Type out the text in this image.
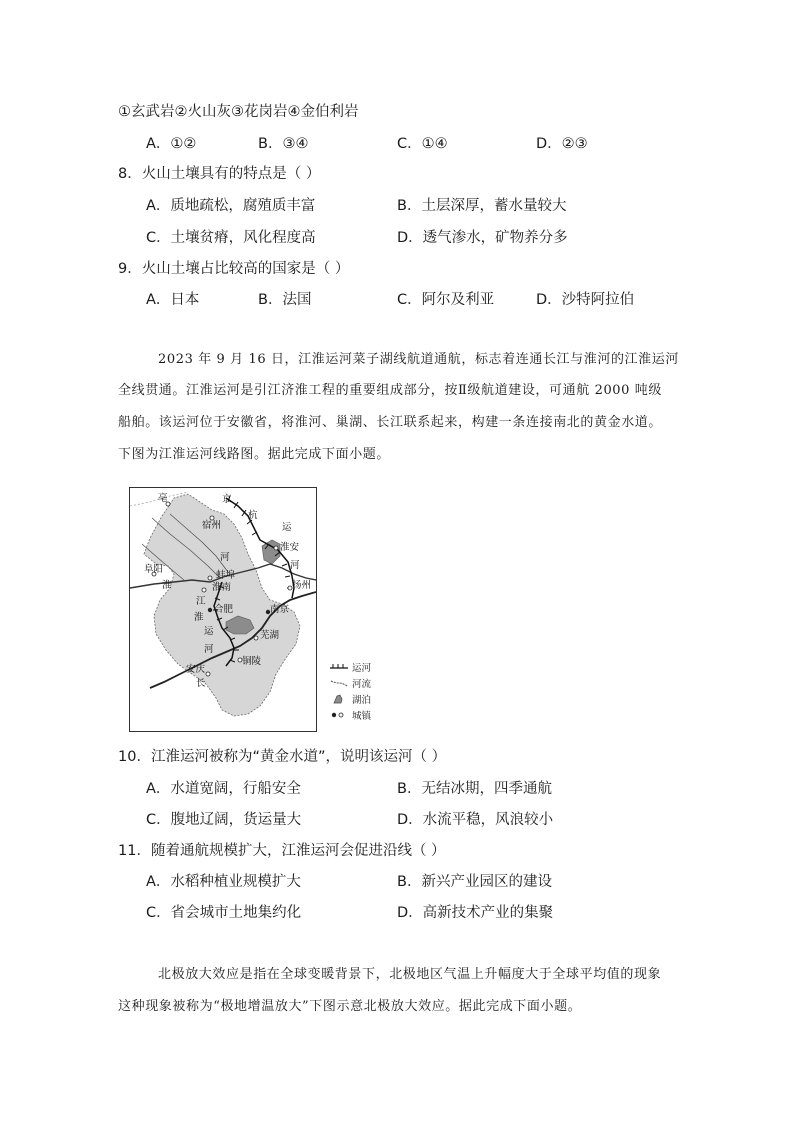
①玄武岩②火山灰③花岗岩④金伯利岩
A．①②	B．③④	C．①④	D．②③
8．火山土壤具有的特点是（ ）
A．质地疏松，腐殖质丰富	B．土层深厚，蓄水量较大
C．土壤贫瘠，风化程度高	D．透气渗水，矿物养分多
9．火山土壤占比较高的国家是（ ）
A．日本	B．法国	C．阿尔及利亚	D．沙特阿拉伯
2023 年 9 月 16 日，江淮运河菜子湖线航道通航，标志着连通长江与淮河的江淮运河
全线贯通。江淮运河是引江济淮工程的重要组成部分，按Ⅱ级航道建设，可通航 2000 吨级
船舶。该运河位于安徽省，将淮河、巢湖、长江联系起来，构建一条连接南北的黄金水道。
下图为江淮运河线路图。据此完成下面小题。
亳	京
杭
运
宿州
淮安
河
河
扬州
阜阳
淮
蚌埠
淮南
江
合肥	南京
淮
运	芜湖
河
铜陵
安庆
长
运河
河流
湖泊
城镇
10．江淮运河被称为“黄金水道”，说明该运河（ ）
A．水道宽阔，行船安全	B．无结冰期，四季通航
C．腹地辽阔，货运量大	D．水流平稳，风浪较小
11．随着通航规模扩大，江淮运河会促进沿线（ ）
A．水稻种植业规模扩大	B．新兴产业园区的建设
C．省会城市土地集约化	D．高新技术产业的集聚
北极放大效应是指在全球变暖背景下，北极地区气温上升幅度大于全球平均值的现象
这种现象被称为“极地增温放大”下图示意北极放大效应。据此完成下面小题。
